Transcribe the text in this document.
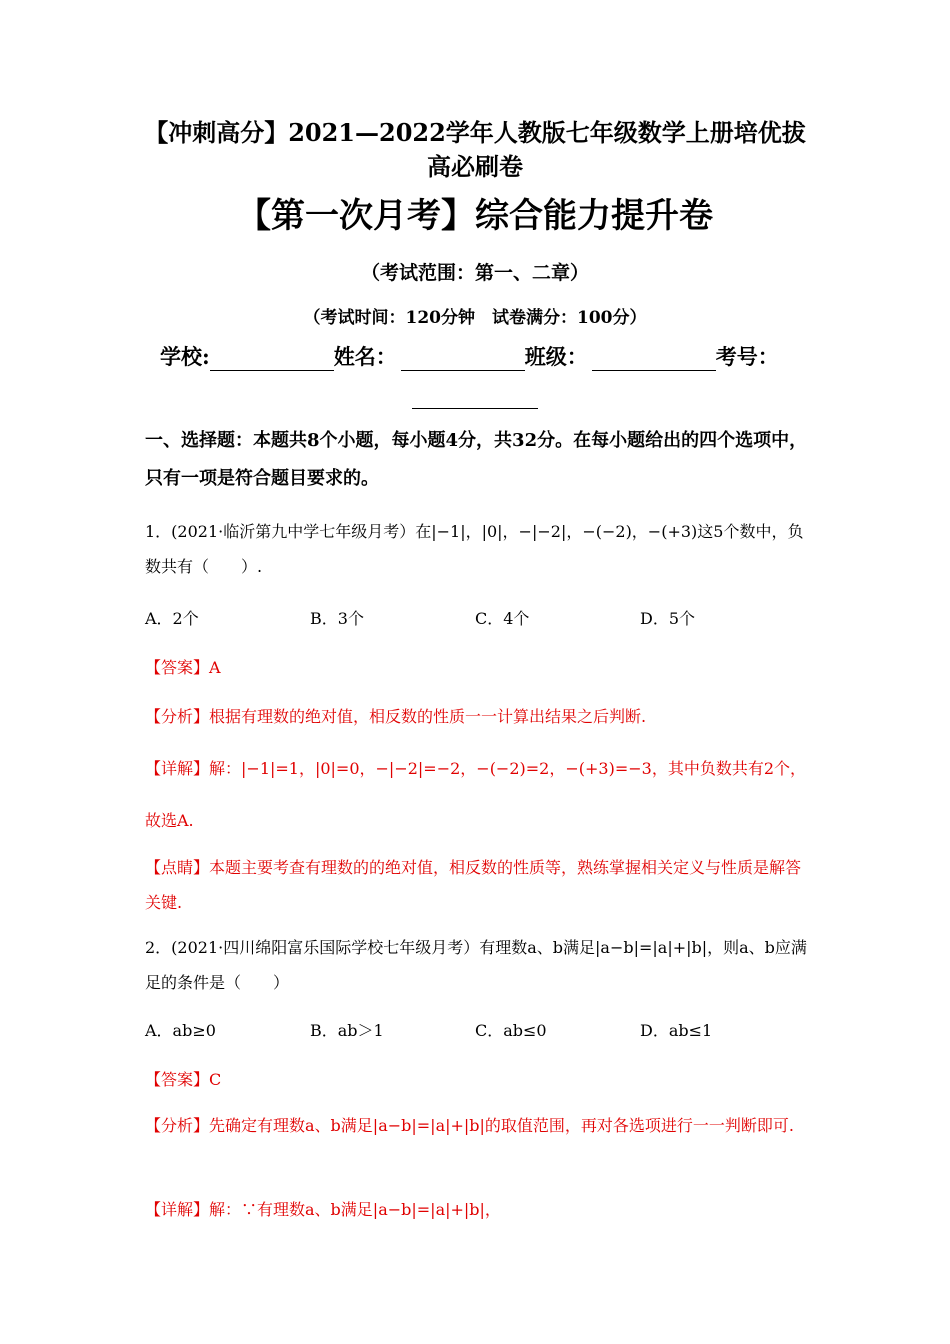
【冲刺高分】2021—2022学年人教版七年级数学上册培优拔
高必刷卷
【第一次月考】综合能力提升卷
（考试范围：第一、二章）
（考试时间：120分钟　试卷满分：100分）
学校:	姓名：	班级：	考号：
一、选择题：本题共8个小题，每小题4分，共32分。在每小题给出的四个选项中，只有一项是符合题目要求的。
1．(2021·临沂第九中学七年级月考）在|−1|，|0|，−|−2|，−(−2)，−(+3)这5个数中，负数共有（　　）.
A．2个	B．3个	C．4个	D．5个
【答案】A
【分析】根据有理数的绝对值，相反数的性质一一计算出结果之后判断.
【详解】解：|−1|=1，|0|=0，−|−2|=−2，−(−2)=2，−(+3)=−3，其中负数共有2个，
故选A.
【点睛】本题主要考查有理数的的绝对值，相反数的性质等，熟练掌握相关定义与性质是解答关键.
2．(2021·四川绵阳富乐国际学校七年级月考）有理数a、b满足|a−b|=|a|+|b|，则a、b应满足的条件是（　　）
A．ab≥0	B．ab＞1	C．ab≤0	D．ab≤1
【答案】C
【分析】先确定有理数a、b满足|a−b|=|a|+|b|的取值范围，再对各选项进行一一判断即可.
【详解】解：∵有理数a、b满足|a−b|=|a|+|b|，
